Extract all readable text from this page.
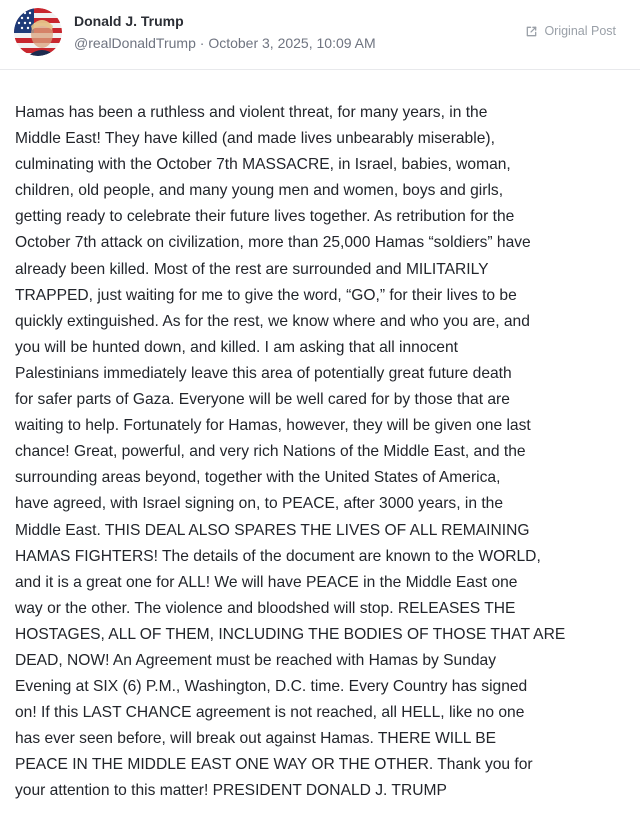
Donald J. Trump
@realDonaldTrump · October 3, 2025, 10:09 AM
Original Post
Hamas has been a ruthless and violent threat, for many years, in the
Middle East! They have killed (and made lives unbearably miserable),
culminating with the October 7th MASSACRE, in Israel, babies, woman,
children, old people, and many young men and women, boys and girls,
getting ready to celebrate their future lives together. As retribution for the
October 7th attack on civilization, more than 25,000 Hamas “soldiers” have
already been killed. Most of the rest are surrounded and MILITARILY
TRAPPED, just waiting for me to give the word, “GO,” for their lives to be
quickly extinguished. As for the rest, we know where and who you are, and
you will be hunted down, and killed. I am asking that all innocent
Palestinians immediately leave this area of potentially great future death
for safer parts of Gaza. Everyone will be well cared for by those that are
waiting to help. Fortunately for Hamas, however, they will be given one last
chance! Great, powerful, and very rich Nations of the Middle East, and the
surrounding areas beyond, together with the United States of America,
have agreed, with Israel signing on, to PEACE, after 3000 years, in the
Middle East. THIS DEAL ALSO SPARES THE LIVES OF ALL REMAINING
HAMAS FIGHTERS! The details of the document are known to the WORLD,
and it is a great one for ALL! We will have PEACE in the Middle East one
way or the other. The violence and bloodshed will stop. RELEASES THE
HOSTAGES, ALL OF THEM, INCLUDING THE BODIES OF THOSE THAT ARE
DEAD, NOW! An Agreement must be reached with Hamas by Sunday
Evening at SIX (6) P.M., Washington, D.C. time. Every Country has signed
on! If this LAST CHANCE agreement is not reached, all HELL, like no one
has ever seen before, will break out against Hamas. THERE WILL BE
PEACE IN THE MIDDLE EAST ONE WAY OR THE OTHER. Thank you for
your attention to this matter! PRESIDENT DONALD J. TRUMP
